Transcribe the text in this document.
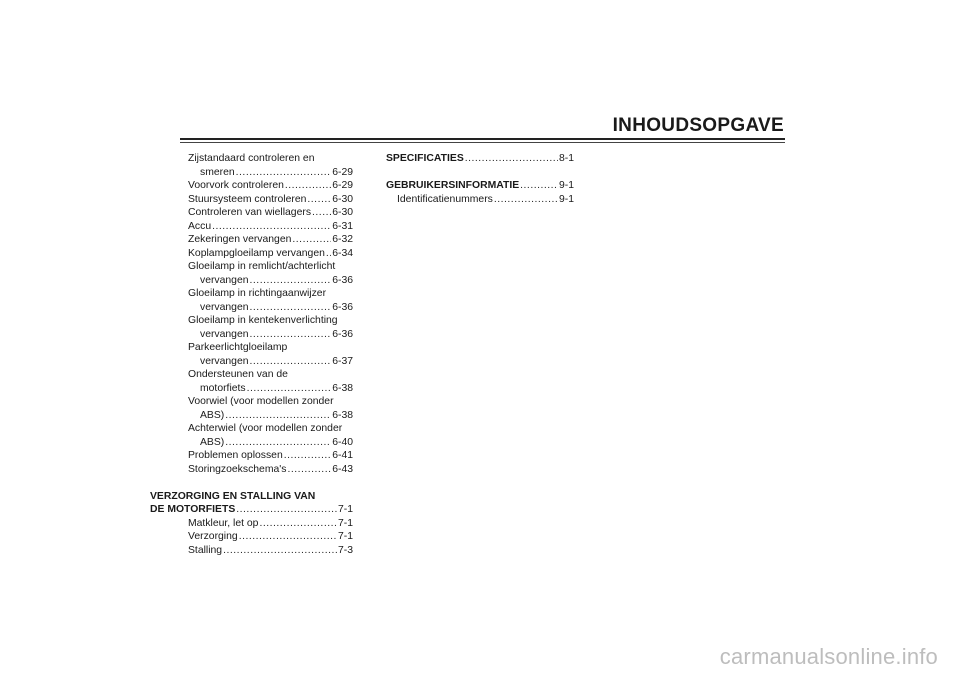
INHOUDSOPGAVE
Zijstandaard controleren en
smeren .....	6-29
Voorvork controleren .....	6-29
Stuursysteem controleren ..... 6-30
Controleren van wiellagers ..... 6-30
Accu .....	6-31
Zekeringen vervangen .....	6-32
Koplampgloeilamp vervangen ..... 6-34
Gloeilamp in remlicht/achterlicht
vervangen .....	6-36
Gloeilamp in richtingaanwijzer
vervangen .....	6-36
Gloeilamp in kentekenverlichting
vervangen .....	6-36
Parkeerlichtgloeilamp
vervangen .....	6-37
Ondersteunen van de
motorfiets .....	6-38
Voorwiel (voor modellen zonder
ABS) .....	6-38
Achterwiel (voor modellen zonder
ABS) .....	6-40
Problemen oplossen .....	6-41
Storingzoekschema's .....	6-43
VERZORGING EN STALLING VAN
DE MOTORFIETS .....	7-1
Matkleur, let op .....	7-1
Verzorging .....	7-1
Stalling .....	7-3
SPECIFICATIES .....	8-1
GEBRUIKERSINFORMATIE .....	9-1
Identificatienummers .....	9-1
carmanualsonline.info
